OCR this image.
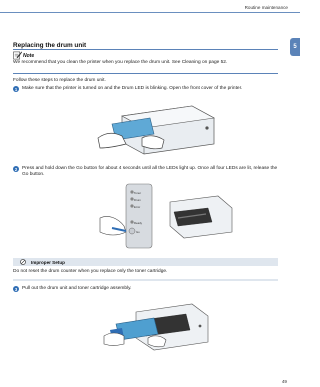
Routine maintenance
5
Replacing the drum unit
Note
We recommend that you clean the printer when you replace the drum unit. See Cleaning on page 52.
Follow these steps to replace the drum unit.
1	Make sure that the printer is turned on and the Drum LED is blinking. Open the front cover of the printer.
2	Press and hold down the Go button for about 4 seconds until all the LEDs light up. Once all four LEDs are lit, release the Go button.
Toner
Drum
Error
Ready
Go
Improper Setup
Do not reset the drum counter when you replace only the toner cartridge.
3	Pull out the drum unit and toner cartridge assembly.
49
